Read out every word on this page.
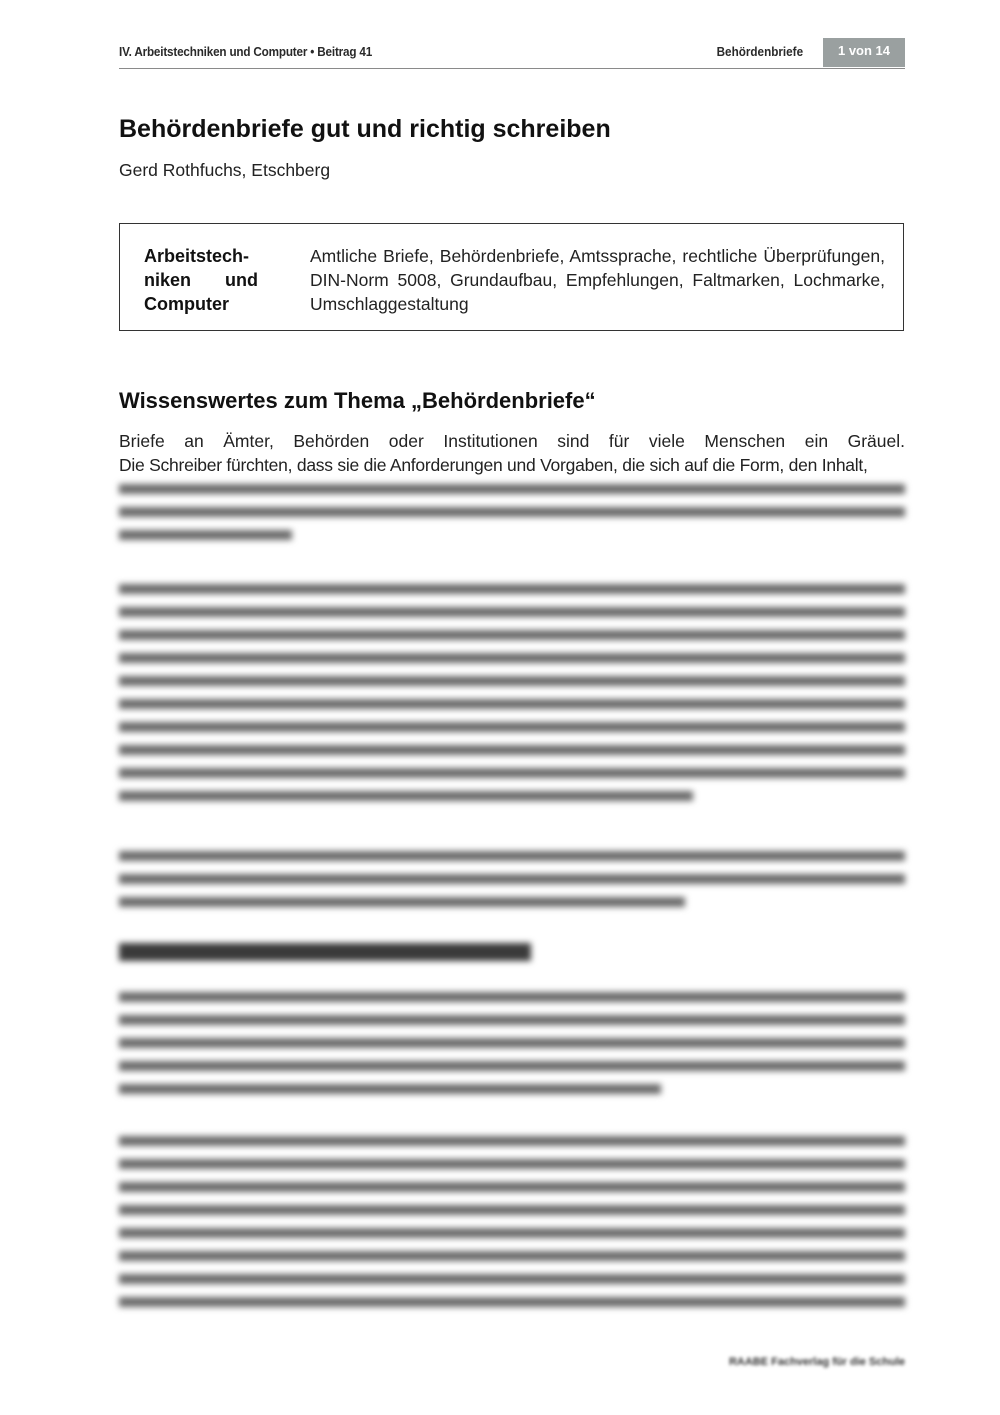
IV. Arbeitstechniken und Computer • Beitrag 41	Behördenbriefe	1 von 14
Behördenbriefe gut und richtig schreiben
Gerd Rothfuchs, Etschberg
Arbeitstech-
niken und
Computer
Amtliche Briefe, Behördenbriefe, Amtssprache, rechtliche Überprüfungen, DIN-Norm 5008, Grundaufbau, Empfehlungen, Faltmarken, Lochmarke, Umschlaggestaltung
Wissenswertes zum Thema „Behördenbriefe“

Briefe an Ämter, Behörden oder Institutionen sind für viele Menschen ein Gräuel.

Die Schreiber fürchten, dass sie die Anforderungen und Vorgaben, die sich auf die Form, den Inhalt,

RAABE Fachverlag für die Schule
